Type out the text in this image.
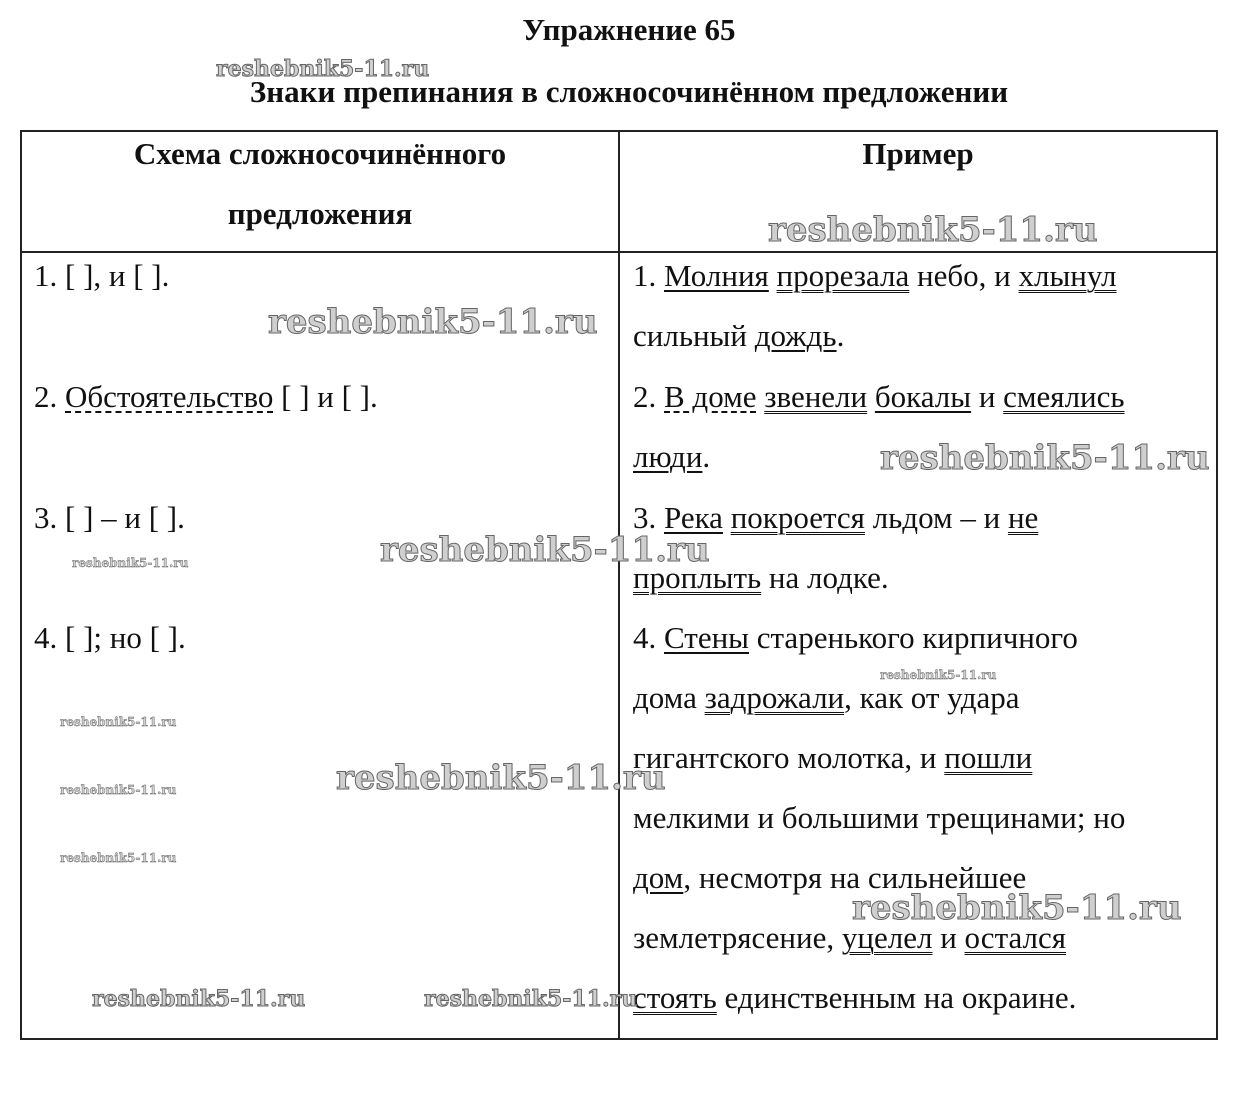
Упражнение 65
Знаки препинания в сложносочинённом предложении
Схема сложносочинённого
предложения
Пример
1. [ ], и [ ].
2. Обстоятельство [ ] и [ ].
3. [ ] – и [ ].
4. [ ]; но [ ].
1. Молния прорезала небо, и хлынул
сильный дождь.
2. В доме звенели бокалы и смеялись
люди.
3. Река покроется льдом – и не
проплыть на лодке.
4. Стены старенького кирпичного
дома задрожали, как от удара
гигантского молотка, и пошли
мелкими и большими трещинами; но
дом, несмотря на сильнейшее
землетрясение, уцелел и остался
стоять единственным на окраине.
reshebnik5-11.ru
reshebnik5-11.ru
reshebnik5-11.ru
reshebnik5-11.ru
reshebnik5-11.ru
reshebnik5-11.ru
reshebnik5-11.ru
reshebnik5-11.ru
reshebnik5-11.ru
reshebnik5-11.ru
reshebnik5-11.ru
reshebnik5-11.ru
reshebnik5-11.ru	reshebnik5-11.ru
